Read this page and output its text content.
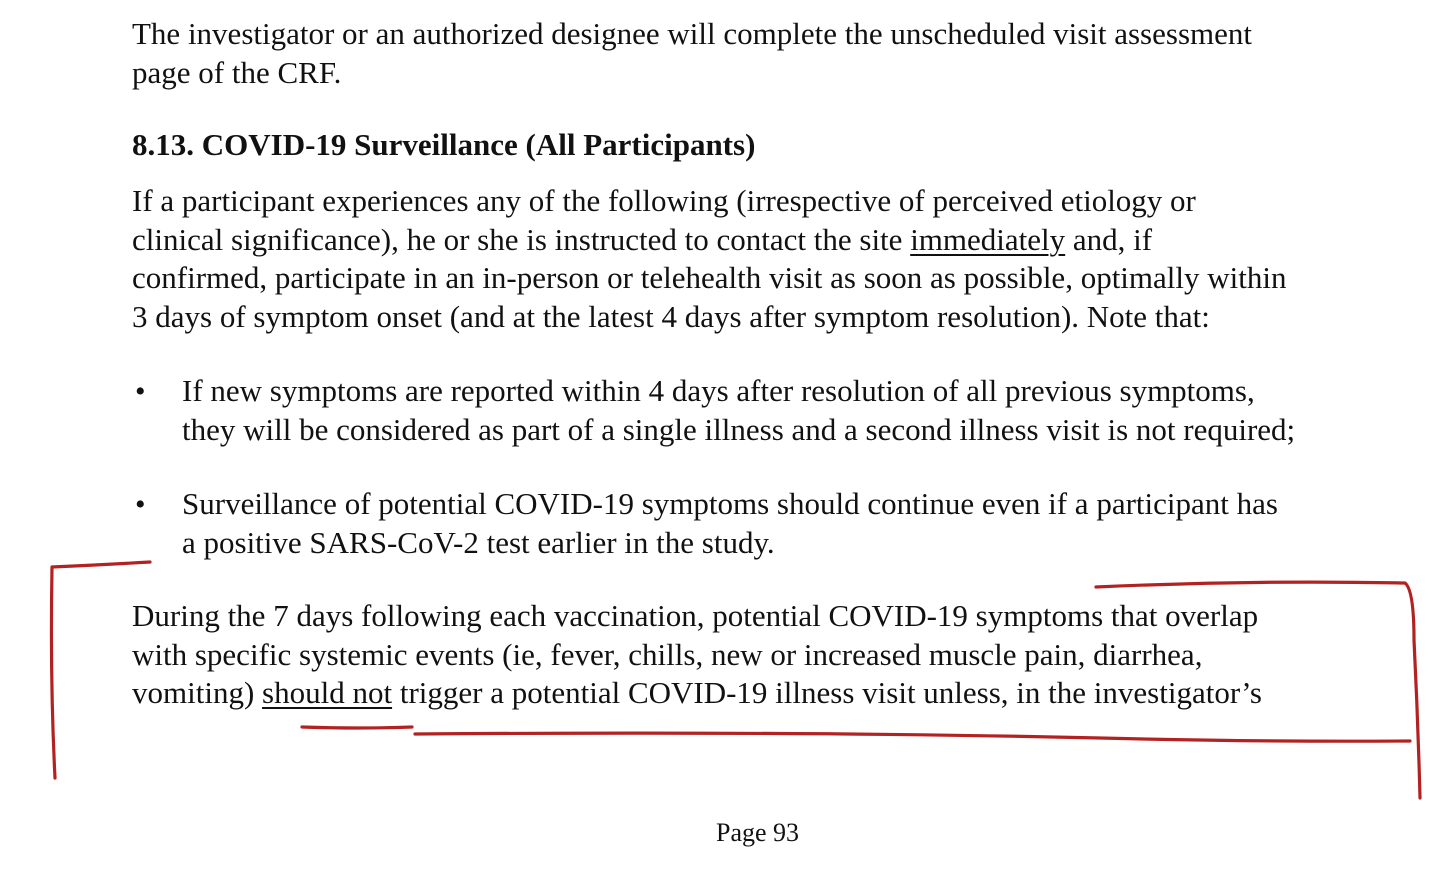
The investigator or an authorized designee will complete the unscheduled visit assessment
page of the CRF.

8.13. COVID-19 Surveillance (All Participants)

If a participant experiences any of the following (irrespective of perceived etiology or
clinical significance), he or she is instructed to contact the site immediately and, if
confirmed, participate in an in-person or telehealth visit as soon as possible, optimally within
3 days of symptom onset (and at the latest 4 days after symptom resolution). Note that:

• If new symptoms are reported within 4 days after resolution of all previous symptoms,
they will be considered as part of a single illness and a second illness visit is not required;

• Surveillance of potential COVID-19 symptoms should continue even if a participant has
a positive SARS-CoV-2 test earlier in the study.

During the 7 days following each vaccination, potential COVID-19 symptoms that overlap
with specific systemic events (ie, fever, chills, new or increased muscle pain, diarrhea,
vomiting) should not trigger a potential COVID-19 illness visit unless, in the investigator’s

Page 93
